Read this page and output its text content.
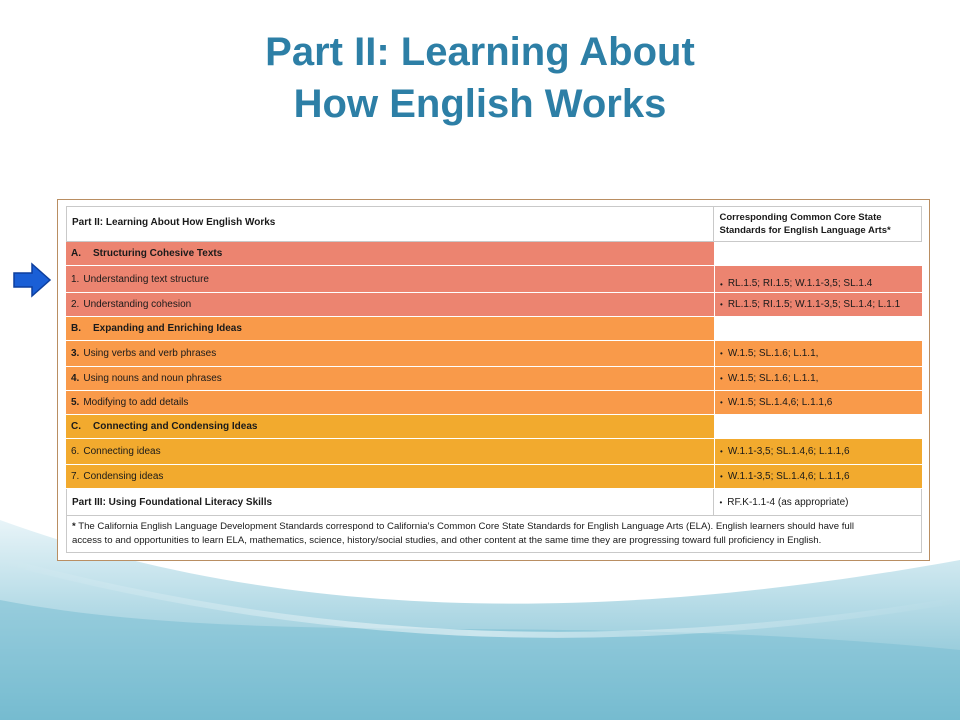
Part II: Learning About
How English Works
Part II: Learning About How English Works	Corresponding Common Core State
Standards for English Language Arts*
A.	Structuring Cohesive Texts
1. Understanding text structure	• RL.1.5; RI.1.5; W.1.1-3,5; SL.1.4
2. Understanding cohesion	• RL.1.5; RI.1.5; W.1.1-3,5; SL.1.4; L.1.1
B.	Expanding and Enriching Ideas
3. Using verbs and verb phrases	• W.1.5; SL.1.6; L.1.1,
4. Using nouns and noun phrases	• W.1.5; SL.1.6; L.1.1,
5. Modifying to add details	• W.1.5; SL.1.4,6; L.1.1,6
C.	Connecting and Condensing Ideas
6. Connecting ideas	• W.1.1-3,5; SL.1.4,6; L.1.1,6
7. Condensing ideas	• W.1.1-3,5; SL.1.4,6; L.1.1,6
Part III: Using Foundational Literacy Skills	• RF.K-1.1-4 (as appropriate)
* The California English Language Development Standards correspond to California’s Common Core State Standards for English Language Arts (ELA). English learners should have full
access to and opportunities to learn ELA, mathematics, science, history/social studies, and other content at the same time they are progressing toward full proficiency in English.
